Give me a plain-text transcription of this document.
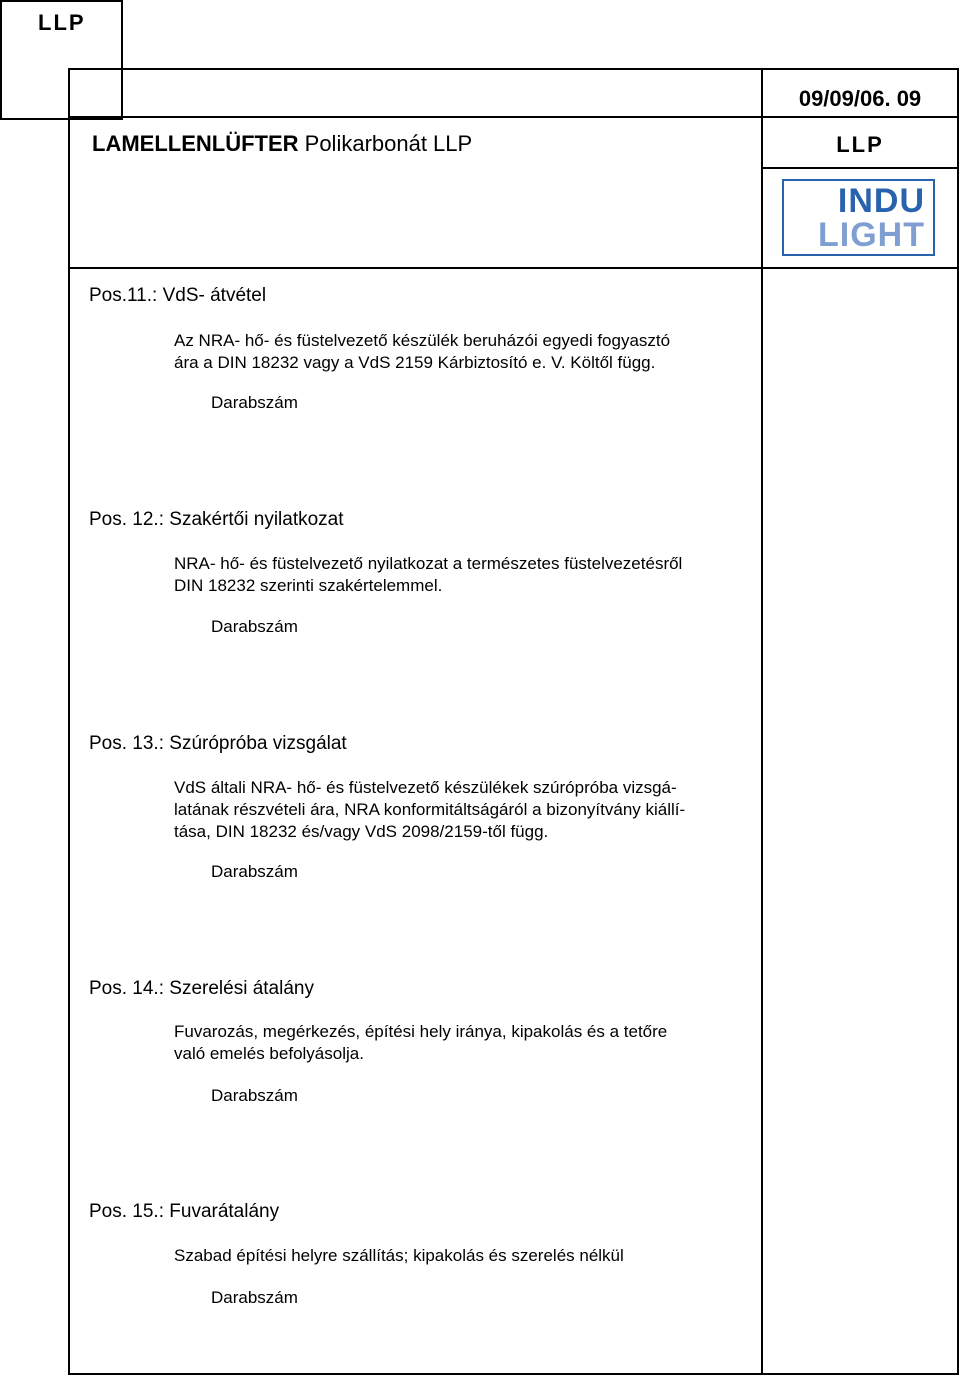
LLP
09/09/06. 09
LAMELLENLÜFTER Polikarbonát LLP	LLP
INDU
LIGHT
Pos.11.: VdS- átvétel
Az NRA- hő- és füstelvezető készülék beruházói egyedi fogyasztó
ára a DIN 18232 vagy a VdS 2159 Kárbiztosító e. V. Költől függ.
Darabszám
Pos. 12.: Szakértői nyilatkozat
NRA- hő- és füstelvezető nyilatkozat a természetes füstelvezetésről
DIN 18232 szerinti szakértelemmel.
Darabszám
Pos. 13.: Szúrópróba vizsgálat
VdS általi NRA- hő- és füstelvezető készülékek szúrópróba vizsgá-
latának részvételi ára, NRA konformitáltságáról a bizonyítvány kiállí-
tása, DIN 18232 és/vagy VdS 2098/2159-től függ.
Darabszám
Pos. 14.: Szerelési átalány
Fuvarozás, megérkezés, építési hely iránya, kipakolás és a tetőre
való emelés befolyásolja.
Darabszám
Pos. 15.: Fuvarátalány
Szabad építési helyre szállítás; kipakolás és szerelés nélkül
Darabszám
